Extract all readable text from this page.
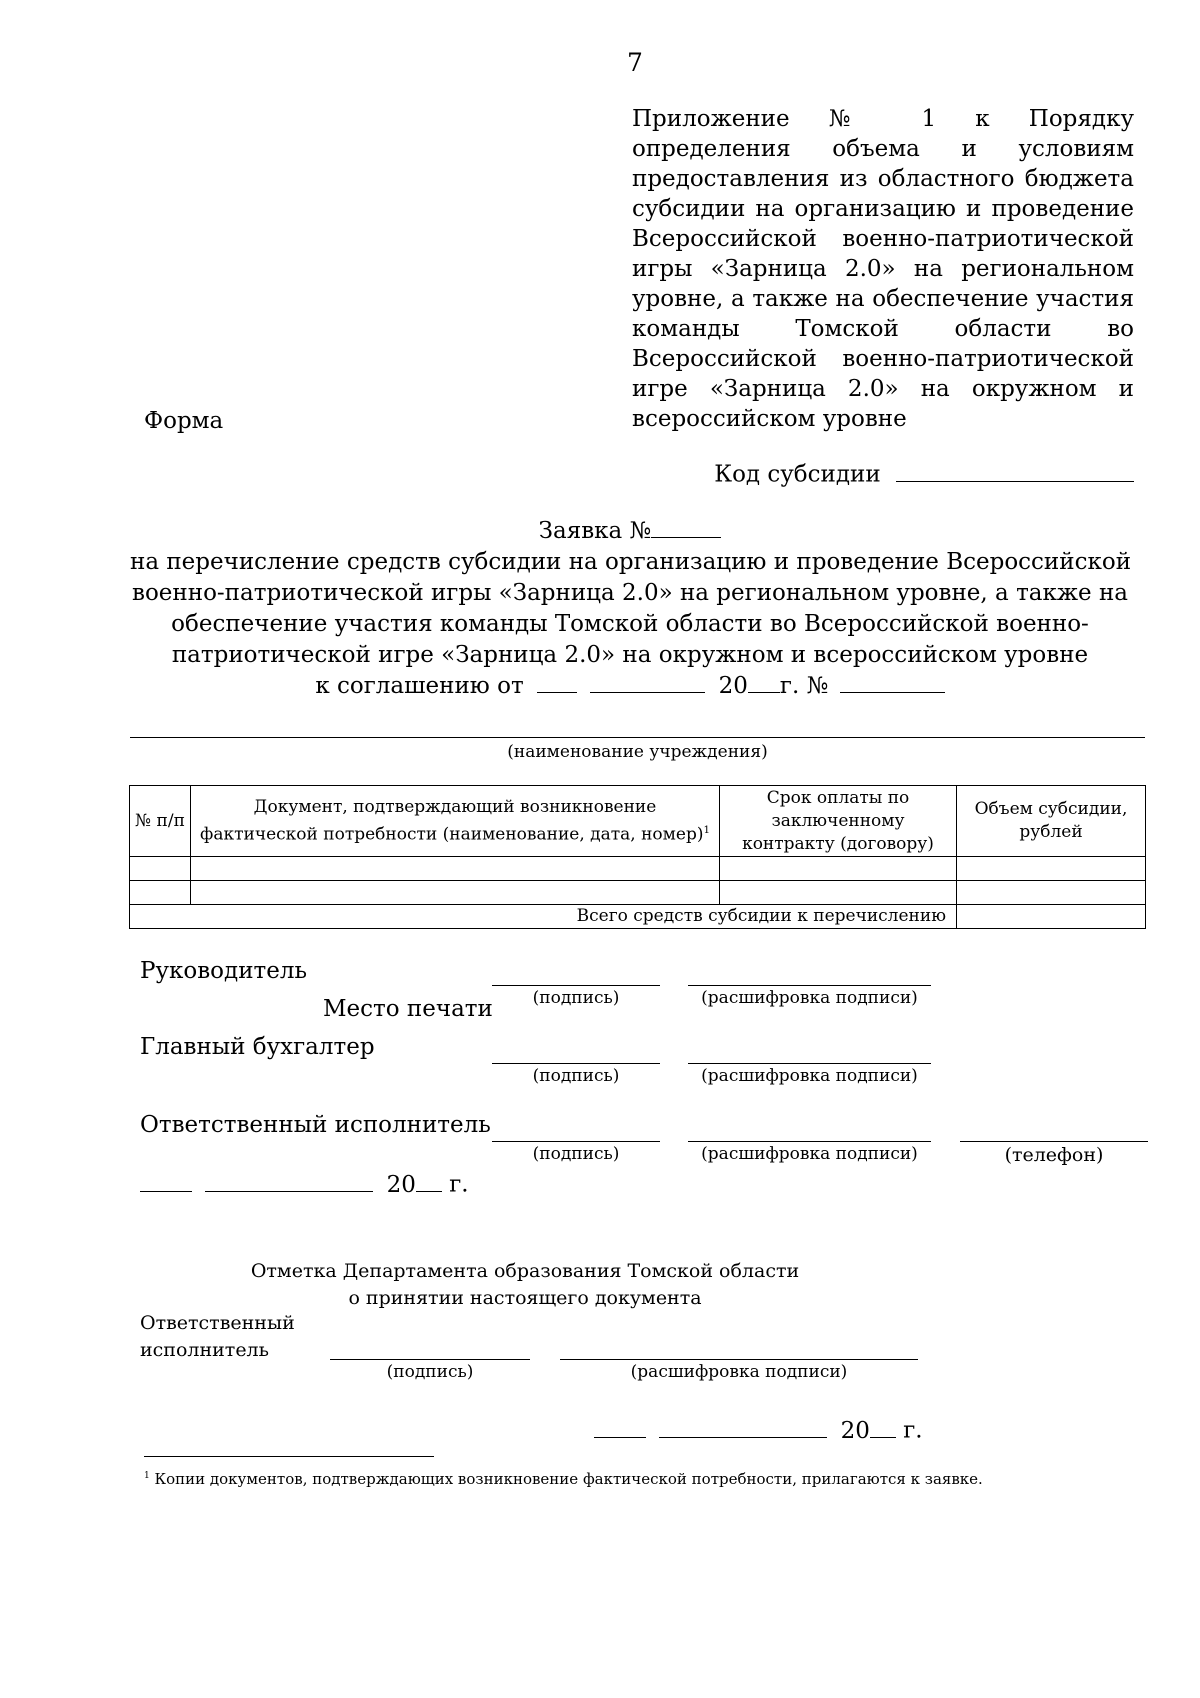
7
Приложение № 1 к Порядку определения объема и условиям предоставления из областного бюджета субсидии на организацию и проведение Всероссийской военно-патриотической игры «Зарница 2.0» на региональном уровне, а также на обеспечение участия команды Томской области во Всероссийской военно-патриотической игре «Зарница 2.0» на окружном и всероссийском уровне
Форма
Код субсидии
Заявка №
на перечисление средств субсидии на организацию и проведение Всероссийской
военно-патриотической игры «Зарница 2.0» на региональном уровне, а также на
обеспечение участия команды Томской области во Всероссийской военно-
патриотической игре «Зарница 2.0» на окружном и всероссийском уровне
к соглашению от	20 г. №
(наименование учреждения)
№ п/п	Документ, подтверждающий возникновение фактической потребности (наименование, дата, номер)$^1$	Срок оплаты по заключенному контракту (договору)	Объем субсидии, рублей

Всего средств субсидии к перечислению			
Руководитель
(подпись)	(расшифровка подписи)
Место печати
Главный бухгалтер
(подпись)	(расшифровка подписи)
Ответственный исполнитель
(подпись)	(расшифровка подписи)	(телефон)
20 г.
Отметка Департамента образования Томской области
о принятии настоящего документа
Ответственный
исполнитель
(подпись)	(расшифровка подписи)
20 г.
$^1$ Копии документов, подтверждающих возникновение фактической потребности, прилагаются к заявке.
